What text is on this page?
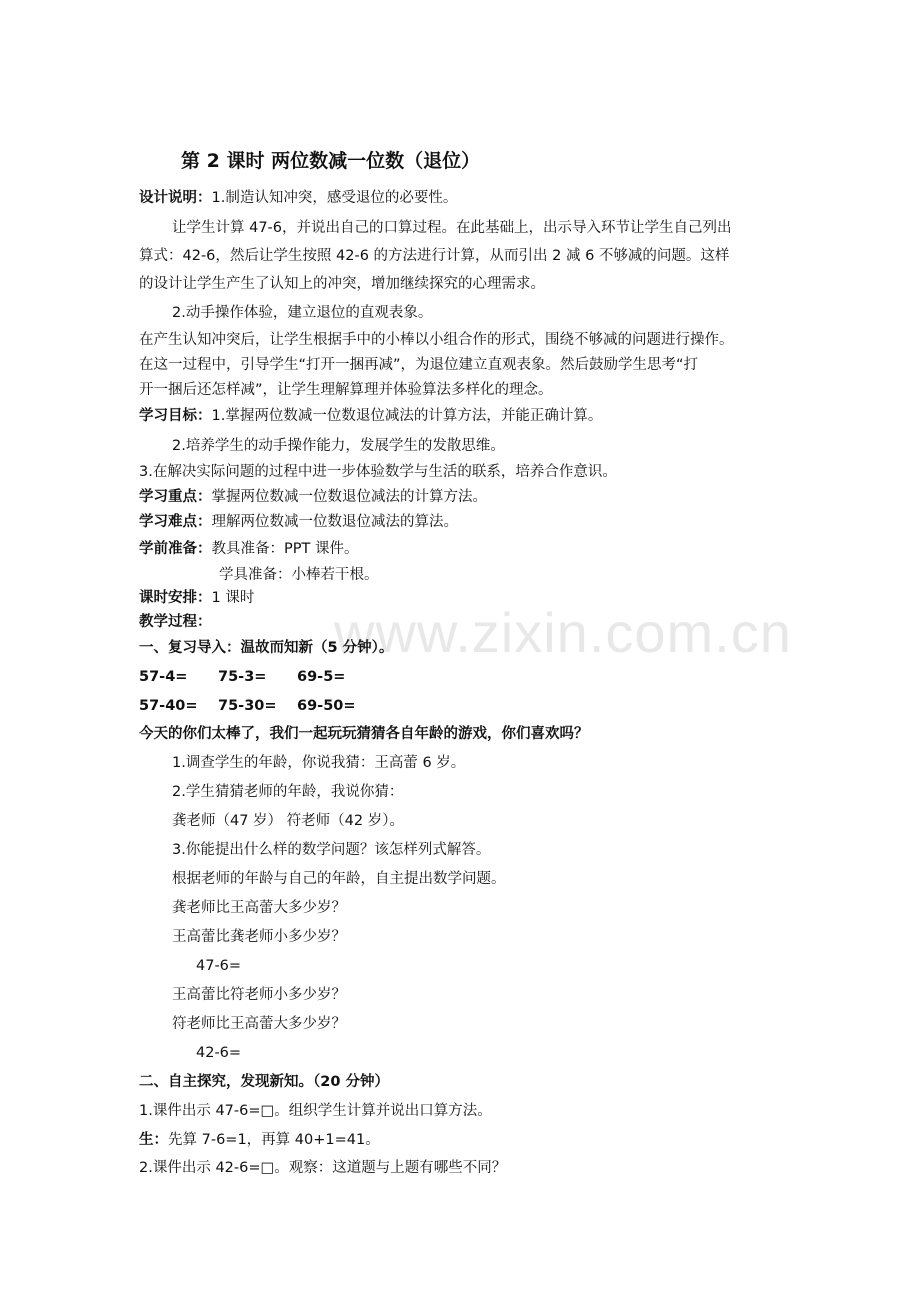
www.zixin.com.cn
第 2 课时 两位数减一位数（退位）
设计说明：1.制造认知冲突，感受退位的必要性。
让学生计算 47-6，并说出自己的口算过程。在此基础上，出示导入环节让学生自己列出
算式：42-6，然后让学生按照 42-6 的方法进行计算，从而引出 2 减 6 不够减的问题。这样
的设计让学生产生了认知上的冲突，增加继续探究的心理需求。
2.动手操作体验，建立退位的直观表象。
在产生认知冲突后，让学生根据手中的小棒以小组合作的形式，围绕不够减的问题进行操作。
在这一过程中，引导学生“打开一捆再减”，为退位建立直观表象。然后鼓励学生思考“打
开一捆后还怎样减”，让学生理解算理并体验算法多样化的理念。
学习目标：1.掌握两位数减一位数退位减法的计算方法，并能正确计算。
2.培养学生的动手操作能力，发展学生的发散思维。
3.在解决实际问题的过程中进一步体验数学与生活的联系，培养合作意识。
学习重点：掌握两位数减一位数退位减法的计算方法。
学习难点：理解两位数减一位数退位减法的算法。
学前准备：教具准备：PPT 课件。
学具准备：小棒若干根。
课时安排：1 课时
教学过程：
一、复习导入：温故而知新（5 分钟）。
57-4= 75-3= 69-5=
57-40= 75-30= 69-50=
今天的你们太棒了，我们一起玩玩猜猜各自年龄的游戏，你们喜欢吗？
1.调查学生的年龄，你说我猜：王高蕾 6 岁。
2.学生猜猜老师的年龄，我说你猜：
龚老师（47 岁） 符老师（42 岁）。
3.你能提出什么样的数学问题？该怎样列式解答。
根据老师的年龄与自己的年龄，自主提出数学问题。
龚老师比王高蕾大多少岁？
王高蕾比龚老师小多少岁？
47-6=
王高蕾比符老师小多少岁？
符老师比王高蕾大多少岁？
42-6=
二、自主探究，发现新知。（20 分钟）
1.课件出示 47-6=□。组织学生计算并说出口算方法。
生：先算 7-6=1，再算 40+1=41。
2.课件出示 42-6=□。观察：这道题与上题有哪些不同？
